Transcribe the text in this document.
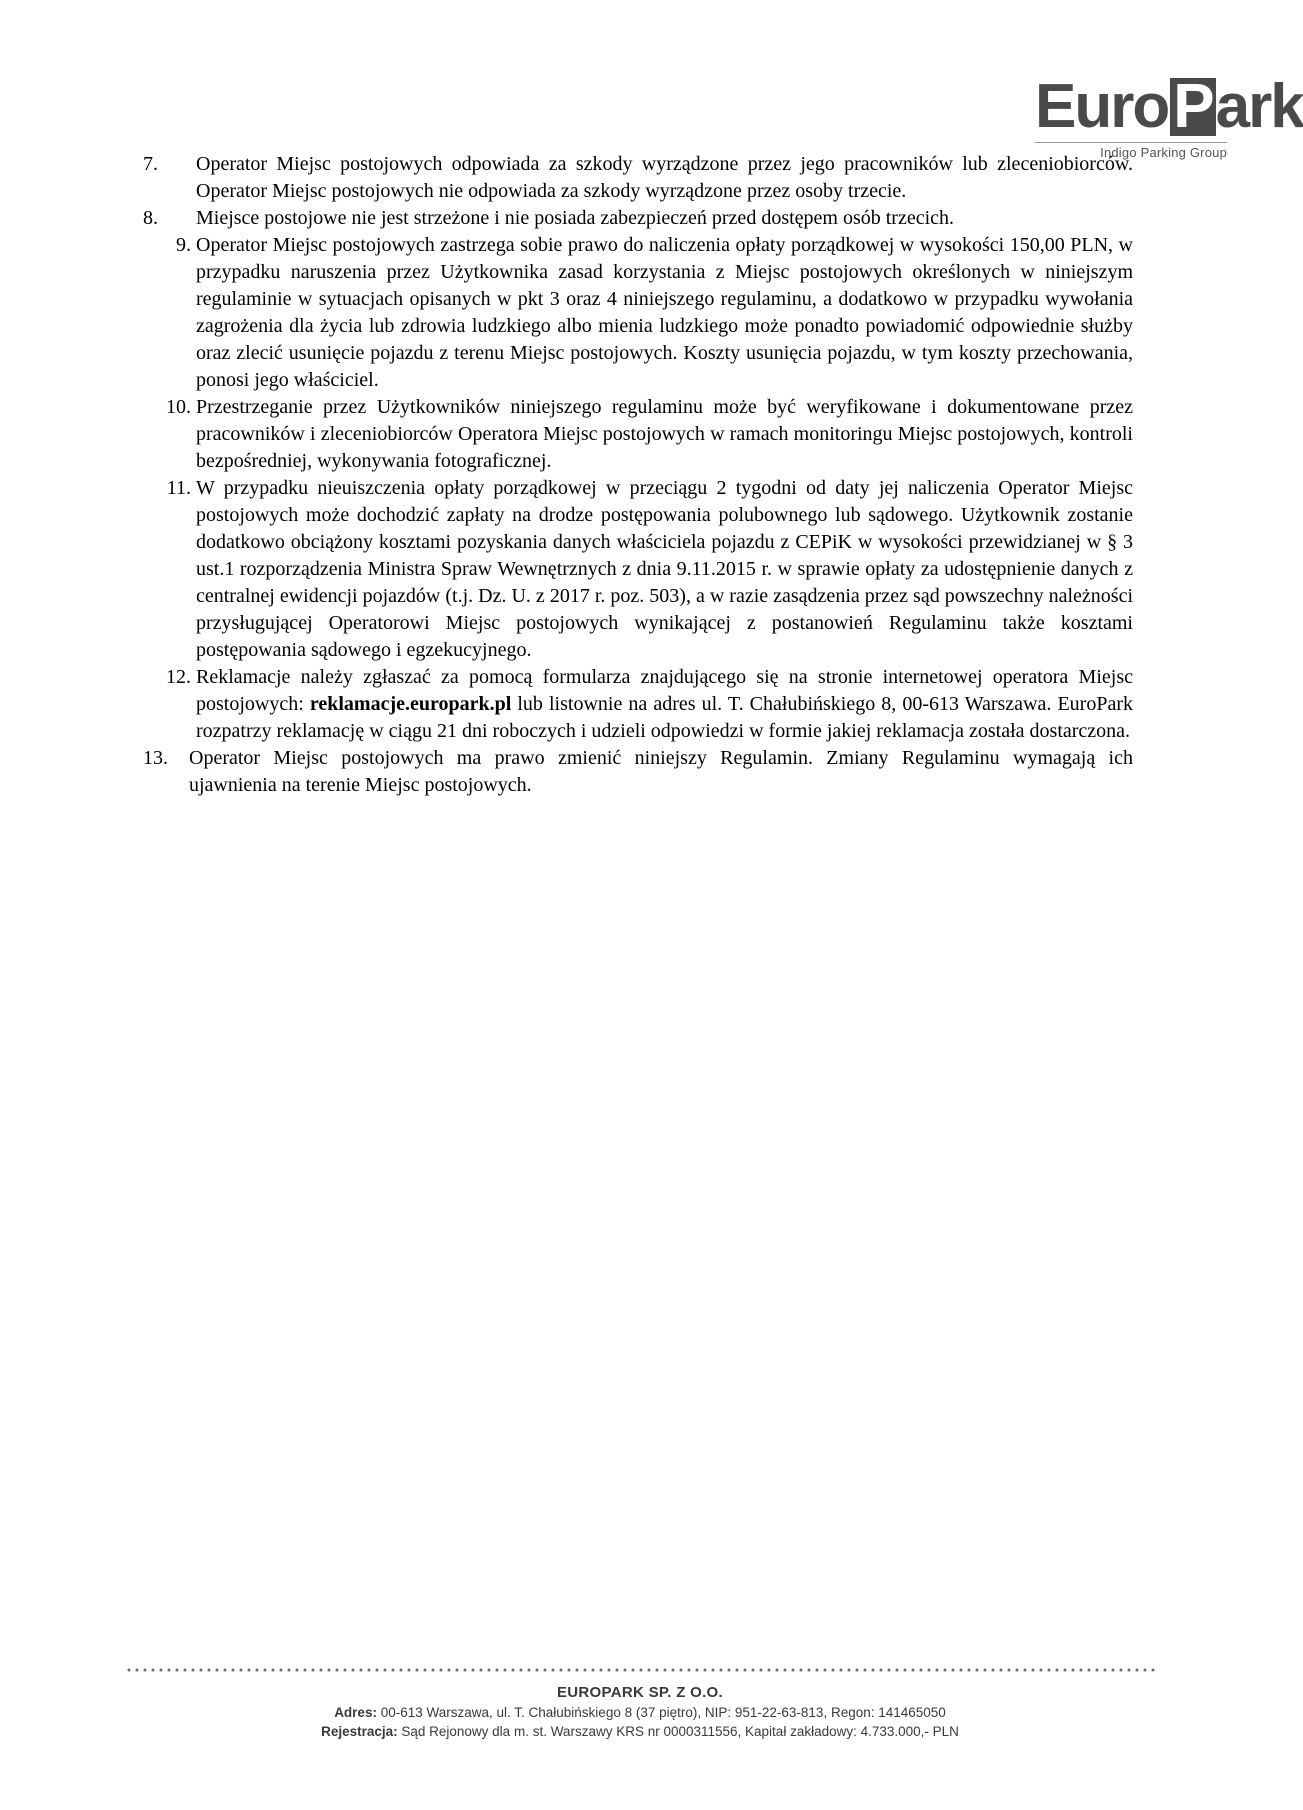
Euro P ark
Indigo Parking Group
7.	Operator Miejsc postojowych odpowiada za szkody wyrządzone przez jego pracowników lub zleceniobiorców. Operator Miejsc postojowych nie odpowiada za szkody wyrządzone przez osoby trzecie.
8.	Miejsce postojowe nie jest strzeżone i nie posiada zabezpieczeń przed dostępem osób trzecich.
9. Operator Miejsc postojowych zastrzega sobie prawo do naliczenia opłaty porządkowej w wysokości 150,00 PLN, w przypadku naruszenia przez Użytkownika zasad korzystania z Miejsc postojowych określonych w niniejszym regulaminie w sytuacjach opisanych w pkt 3 oraz 4 niniejszego regulaminu, a dodatkowo w przypadku wywołania zagrożenia dla życia lub zdrowia ludzkiego albo mienia ludzkiego może ponadto powiadomić odpowiednie służby oraz zlecić usunięcie pojazdu z terenu Miejsc postojowych. Koszty usunięcia pojazdu, w tym koszty przechowania, ponosi jego właściciel.
10. Przestrzeganie przez Użytkowników niniejszego regulaminu może być weryfikowane i dokumentowane przez pracowników i zleceniobiorców Operatora Miejsc postojowych w ramach monitoringu Miejsc postojowych, kontroli bezpośredniej, wykonywania fotograficznej.
11. W przypadku nieuiszczenia opłaty porządkowej w przeciągu 2 tygodni od daty jej naliczenia Operator Miejsc postojowych może dochodzić zapłaty na drodze postępowania polubownego lub sądowego. Użytkownik zostanie dodatkowo obciążony kosztami pozyskania danych właściciela pojazdu z CEPiK w wysokości przewidzianej w § 3 ust.1 rozporządzenia Ministra Spraw Wewnętrznych z dnia 9.11.2015 r. w sprawie opłaty za udostępnienie danych z centralnej ewidencji pojazdów (t.j. Dz. U. z 2017 r. poz. 503), a w razie zasądzenia przez sąd powszechny należności przysługującej Operatorowi Miejsc postojowych wynikającej z postanowień Regulaminu także kosztami postępowania sądowego i egzekucyjnego.
12. Reklamacje należy zgłaszać za pomocą formularza znajdującego się na stronie internetowej operatora Miejsc postojowych: reklamacje.europark.pl lub listownie na adres ul. T. Chałubińskiego 8, 00-613 Warszawa. EuroPark rozpatrzy reklamację w ciągu 21 dni roboczych i udzieli odpowiedzi w formie jakiej reklamacja została dostarczona.
13.	Operator Miejsc postojowych ma prawo zmienić niniejszy Regulamin. Zmiany Regulaminu wymagają ich ujawnienia na terenie Miejsc postojowych.
EUROPARK SP. Z O.O.
Adres: 00-613 Warszawa, ul. T. Chałubińskiego 8 (37 piętro), NIP: 951-22-63-813, Regon: 141465050
Rejestracja: Sąd Rejonowy dla m. st. Warszawy KRS nr 0000311556, Kapitał zakładowy: 4.733.000,- PLN
